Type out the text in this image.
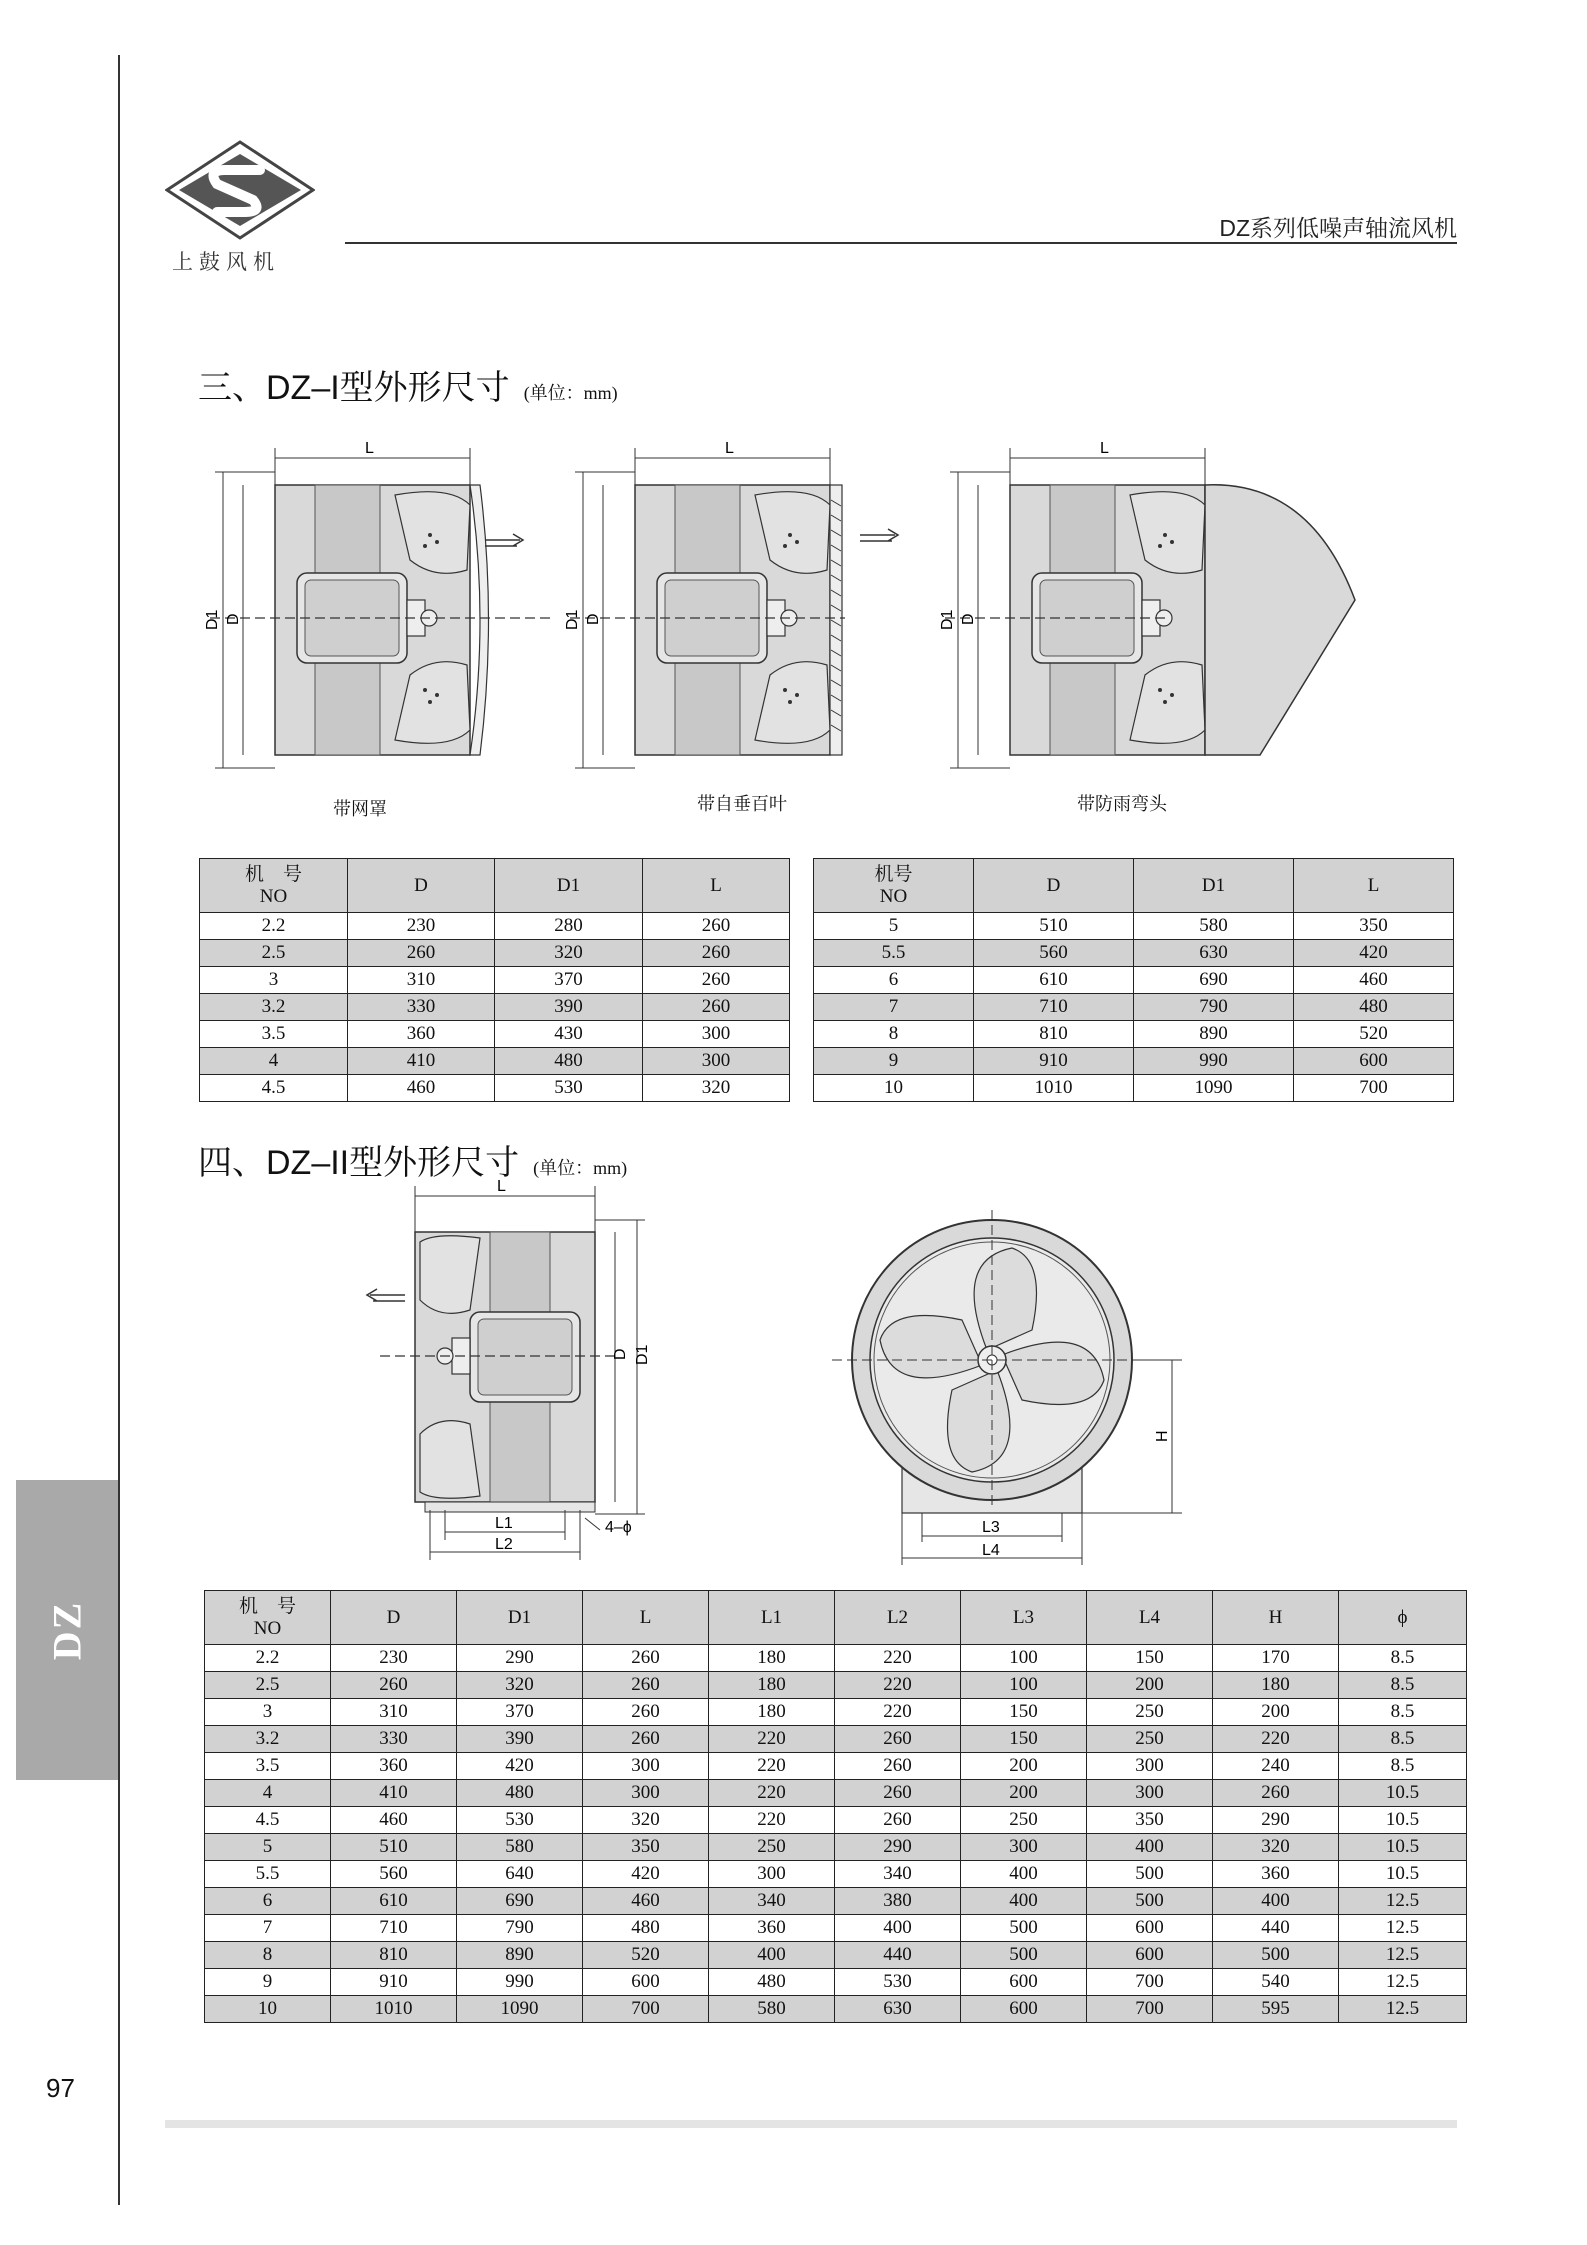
DZ
上鼓风机
DZ系列低噪声轴流风机
三、DZ–I型外形尺寸 (单位：mm)
L
D1 D
L
D1 D
L
D1 D
带网罩	带自垂百叶	带防雨弯头
机　号
NO	D	D1	L
2.2	230	280	260
2.5	260	320	260
3	310	370	260
3.2	330	390	260
3.5	360	430	300
4	410	480	300
4.5	460	530	320
机号
NO	D	D1	L
5	510	580	350
5.5	560	630	420
6	610	690	460
7	710	790	480
8	810	890	520
9	910	990	600
10	1010	1090	700
四、DZ–II型外形尺寸 (单位：mm)
L
D D1
L1
L2
4–ϕ
H
L3
L4
机　号
NO	D	D1	L	L1	L2	L3	L4	H	ϕ
2.2	230	290	260	180	220	100	150	170	8.5
2.5	260	320	260	180	220	100	200	180	8.5
3	310	370	260	180	220	150	250	200	8.5
3.2	330	390	260	220	260	150	250	220	8.5
3.5	360	420	300	220	260	200	300	240	8.5
4	410	480	300	220	260	200	300	260	10.5
4.5	460	530	320	220	260	250	350	290	10.5
5	510	580	350	250	290	300	400	320	10.5
5.5	560	640	420	300	340	400	500	360	10.5
6	610	690	460	340	380	400	500	400	12.5
7	710	790	480	360	400	500	600	440	12.5
8	810	890	520	400	440	500	600	500	12.5
9	910	990	600	480	530	600	700	540	12.5
10	1010	1090	700	580	630	600	700	595	12.5
97
